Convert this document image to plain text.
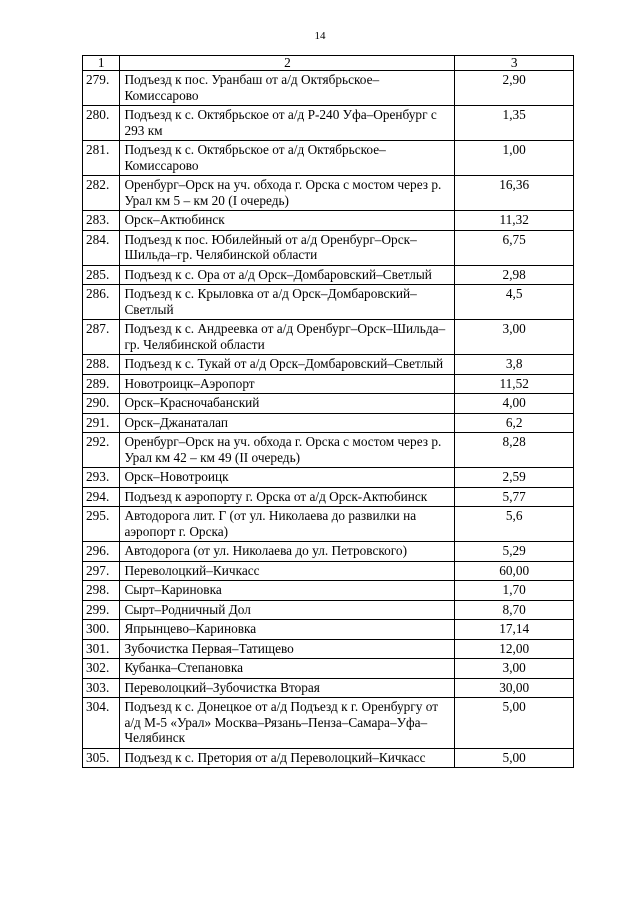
14
1	2	3
279.	Подъезд к пос. Уранбаш от а/д Октябрьское–Комиссарово	2,90
280.	Подъезд к с. Октябрьское от а/д Р-240 Уфа–Оренбург с 293 км	1,35
281.	Подъезд к с. Октябрьское от а/д Октябрьское–Комиссарово	1,00
282.	Оренбург–Орск на уч. обхода г. Орска с мостом через р. Урал км 5 – км 20 (I очередь)	16,36
283.	Орск–Актюбинск	11,32
284.	Подъезд к пос. Юбилейный от а/д Оренбург–Орск–Шильда–гр. Челябинской области	6,75
285.	Подъезд к с. Ора от а/д Орск–Домбаровский–Светлый	2,98
286.	Подъезд к с. Крыловка от а/д Орск–Домбаровский–Светлый	4,5
287.	Подъезд к с. Андреевка от а/д Оренбург–Орск–Шильда–гр. Челябинской области	3,00
288.	Подъезд к с. Тукай от а/д Орск–Домбаровский–Светлый	3,8
289.	Новотроицк–Аэропорт	11,52
290.	Орск–Красночабанский	4,00
291.	Орск–Джанаталап	6,2
292.	Оренбург–Орск на уч. обхода г. Орска с мостом через р. Урал км 42 – км 49 (II очередь)	8,28
293.	Орск–Новотроицк	2,59
294.	Подъезд к аэропорту г. Орска от а/д Орск-Актюбинск	5,77
295.	Автодорога лит. Г (от ул. Николаева до развилки на аэропорт г. Орска)	5,6
296.	Автодорога (от ул. Николаева до ул. Петровского)	5,29
297.	Переволоцкий–Кичкасс	60,00
298.	Сырт–Кариновка	1,70
299.	Сырт–Родничный Дол	8,70
300.	Япрынцево–Кариновка	17,14
301.	Зубочистка Первая–Татищево	12,00
302.	Кубанка–Степановка	3,00
303.	Переволоцкий–Зубочистка Вторая	30,00
304.	Подъезд к с. Донецкое от а/д Подъезд к г. Оренбургу от а/д М-5 «Урал» Москва–Рязань–Пенза–Самара–Уфа–Челябинск	5,00
305.	Подъезд к с. Претория от а/д Переволоцкий–Кичкасс	5,00
